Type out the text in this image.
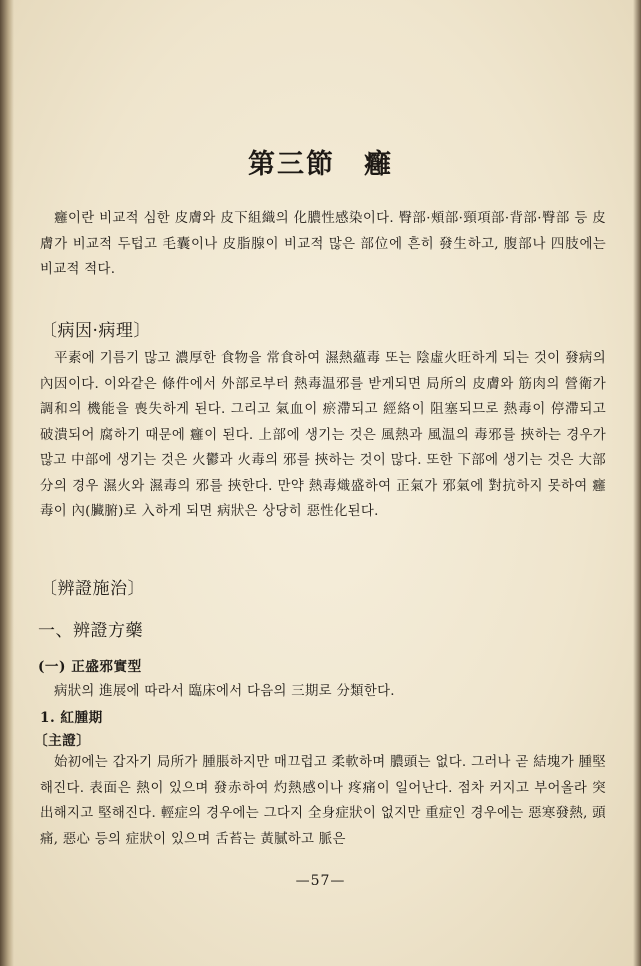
第三節　癰
癰이란 비교적 심한 皮膚와 皮下組織의 化膿性感染이다. 臀部·頰部·頸項部·背部·臀部 등 皮膚가 비교적 두텁고 毛囊이나 皮脂腺이 비교적 많은 部位에 흔히 發生하고, 腹部나 四肢에는 비교적 적다.
〔病因·病理〕
平素에 기름기 많고 濃厚한 食物을 常食하여 濕熱蘊毒 또는 陰虛火旺하게 되는 것이 發病의 內因이다. 이와같은 條件에서 外部로부터 熱毒温邪를 받게되면 局所의 皮膚와 筋肉의 營衛가 調和의 機能을 喪失하게 된다. 그리고 氣血이 瘀滯되고 經絡이 阻塞되므로 熱毒이 停滯되고 破潰되어 腐하기 때문에 癰이 된다. 上部에 생기는 것은 風熱과 風温의 毒邪를 挾하는 경우가 많고 中部에 생기는 것은 火鬱과 火毒의 邪를 挾하는 것이 많다. 또한 下部에 생기는 것은 大部分의 경우 濕火와 濕毒의 邪를 挾한다. 만약 熱毒熾盛하여 正氣가 邪氣에 對抗하지 못하여 癰毒이 內(臟腑)로 入하게 되면 病狀은 상당히 惡性化된다.
〔辨證施治〕
一、辨證方藥
(一) 正盛邪實型
病狀의 進展에 따라서 臨床에서 다음의 三期로 分類한다.
1. 紅腫期
〔主證〕
始初에는 갑자기 局所가 腫脹하지만 매끄럽고 柔軟하며 膿頭는 없다. 그러나 곧 結塊가 腫堅해진다. 表面은 熱이 있으며 發赤하여 灼熱感이나 疼痛이 일어난다. 점차 커지고 부어올라 突出해지고 堅해진다. 輕症의 경우에는 그다지 全身症狀이 없지만 重症인 경우에는 惡寒發熱, 頭痛, 惡心 등의 症狀이 있으며 舌苔는 黃膩하고 脈은
—57—
